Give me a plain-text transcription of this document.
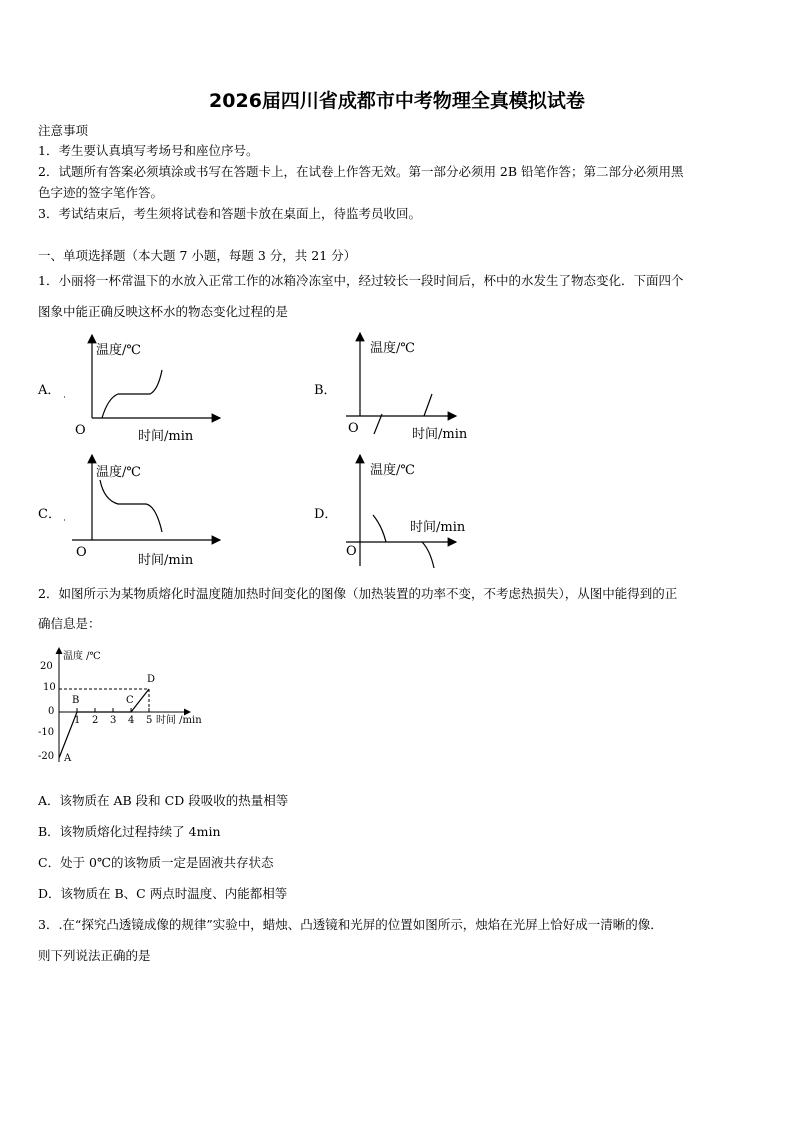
2026届四川省成都市中考物理全真模拟试卷
注意事项
1．考生要认真填写考场号和座位序号。
2．试题所有答案必须填涂或书写在答题卡上，在试卷上作答无效。第一部分必须用 2B 铅笔作答；第二部分必须用黑
色字迹的签字笔作答。
3．考试结束后，考生须将试卷和答题卡放在桌面上，待监考员收回。
一、单项选择题（本大题 7 小题，每题 3 分，共 21 分）
1．小丽将一杯常温下的水放入正常工作的冰箱冷冻室中，经过较长一段时间后，杯中的水发生了物态变化．下面四个
图象中能正确反映这杯水的物态变化过程的是
A．
温度/℃
时间/min
O
B．
温度/℃
时间/min
O
C．
温度/℃
时间/min
O
D．
温度/℃
时间/min
O
2．如图所示为某物质熔化时温度随加热时间变化的图像（加热装置的功率不变，不考虑热损失），从图中能得到的正
确信息是：
温度 /℃
时间 /min
20
10
0
-10
-20
1 2 3 4 5
A
B	C
D
A．该物质在 AB 段和 CD 段吸收的热量相等
B．该物质熔化过程持续了 4min
C．处于 0℃的该物质一定是固液共存状态
D．该物质在 B、C 两点时温度、内能都相等
3．.在“探究凸透镜成像的规律”实验中，蜡烛、凸透镜和光屏的位置如图所示，烛焰在光屏上恰好成一清晰的像．
则下列说法正确的是
